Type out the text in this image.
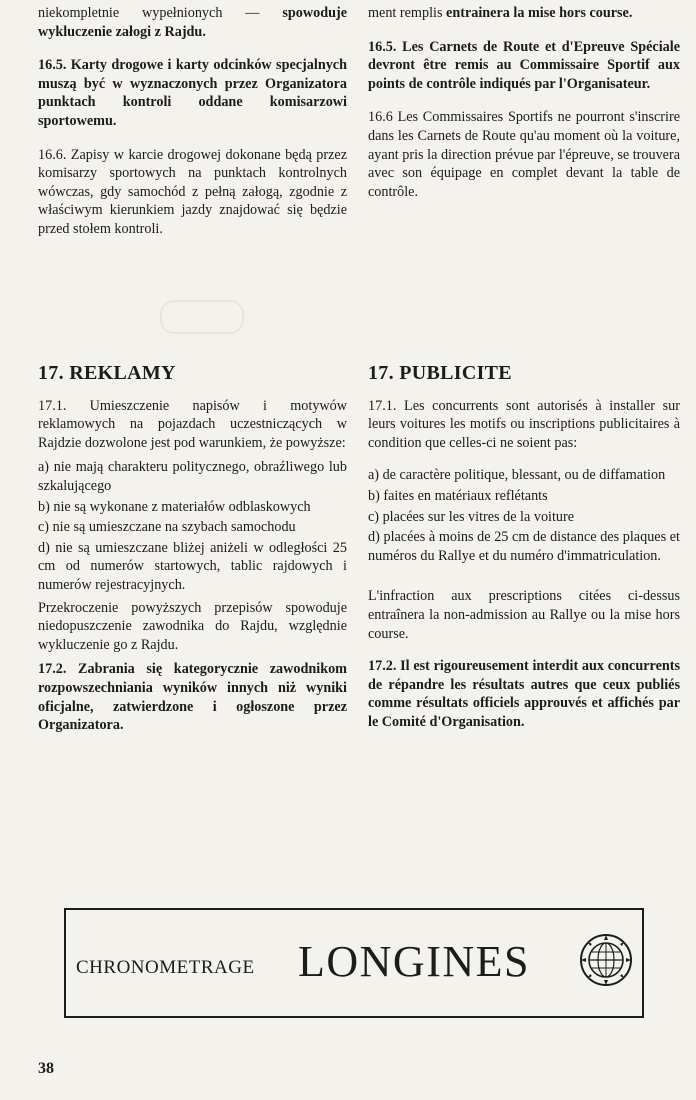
niekompletnie wypełnionych — spowoduje wykluczenie załogi z Rajdu.

16.5. Karty drogowe i karty odcinków specjalnych muszą być w wyznaczonych przez Organizatora punktach kontroli oddane komisarzowi sportowemu.

16.6. Zapisy w karcie drogowej dokonane będą przez komisarzy sportowych na punktach kontrolnych wówczas, gdy samochód z pełną załogą, zgodnie z właściwym kierunkiem jazdy znajdować się będzie przed stołem kontroli.

17. REKLAMY

17.1. Umieszczenie napisów i motywów reklamowych na pojazdach uczestniczących w Rajdzie dozwolone jest pod warunkiem, że powyższe:

a) nie mają charakteru politycznego, obraźliwego lub szkalującego

b) nie są wykonane z materiałów odblaskowych

c) nie są umieszczane na szybach samochodu

d) nie są umieszczane bliżej aniżeli w odległości 25 cm od numerów startowych, tablic rajdowych i numerów rejestracyjnych.

Przekroczenie powyższych przepisów spowoduje niedopuszczenie zawodnika do Rajdu, względnie wykluczenie go z Rajdu.

17.2. Zabrania się kategorycznie zawodnikom rozpowszechniania wyników innych niż wyniki oficjalne, zatwierdzone i ogłoszone przez Organizatora.

ment remplis entrainera la mise hors course.

16.5. Les Carnets de Route et d'Epreuve Spéciale devront être remis au Commissaire Sportif aux points de contrôle indiqués par l'Organisateur.

16.6 Les Commissaires Sportifs ne pourront s'inscrire dans les Carnets de Route qu'au moment où la voiture, ayant pris la direction prévue par l'épreuve, se trouvera avec son équipage en complet devant la table de contrôle.

17. PUBLICITE

17.1. Les concurrents sont autorisés à installer sur leurs voitures les motifs ou inscriptions publicitaires à condition que celles-ci ne soient pas:

a) de caractère politique, blessant, ou de diffamation

b) faites en matériaux reflétants

c) placées sur les vitres de la voiture

d) placées à moins de 25 cm de distance des plaques et numéros du Rallye et du numéro d'immatriculation.

L'infraction aux prescriptions citées ci-dessus entraînera la non-admission au Rallye ou la mise hors course.

17.2. Il est rigoureusement interdit aux concurrents de répandre les résultats autres que ceux publiés comme résultats officiels approuvés et affichés par le Comité d'Organisation.

CHRONOMETRAGE LONGINES
38
